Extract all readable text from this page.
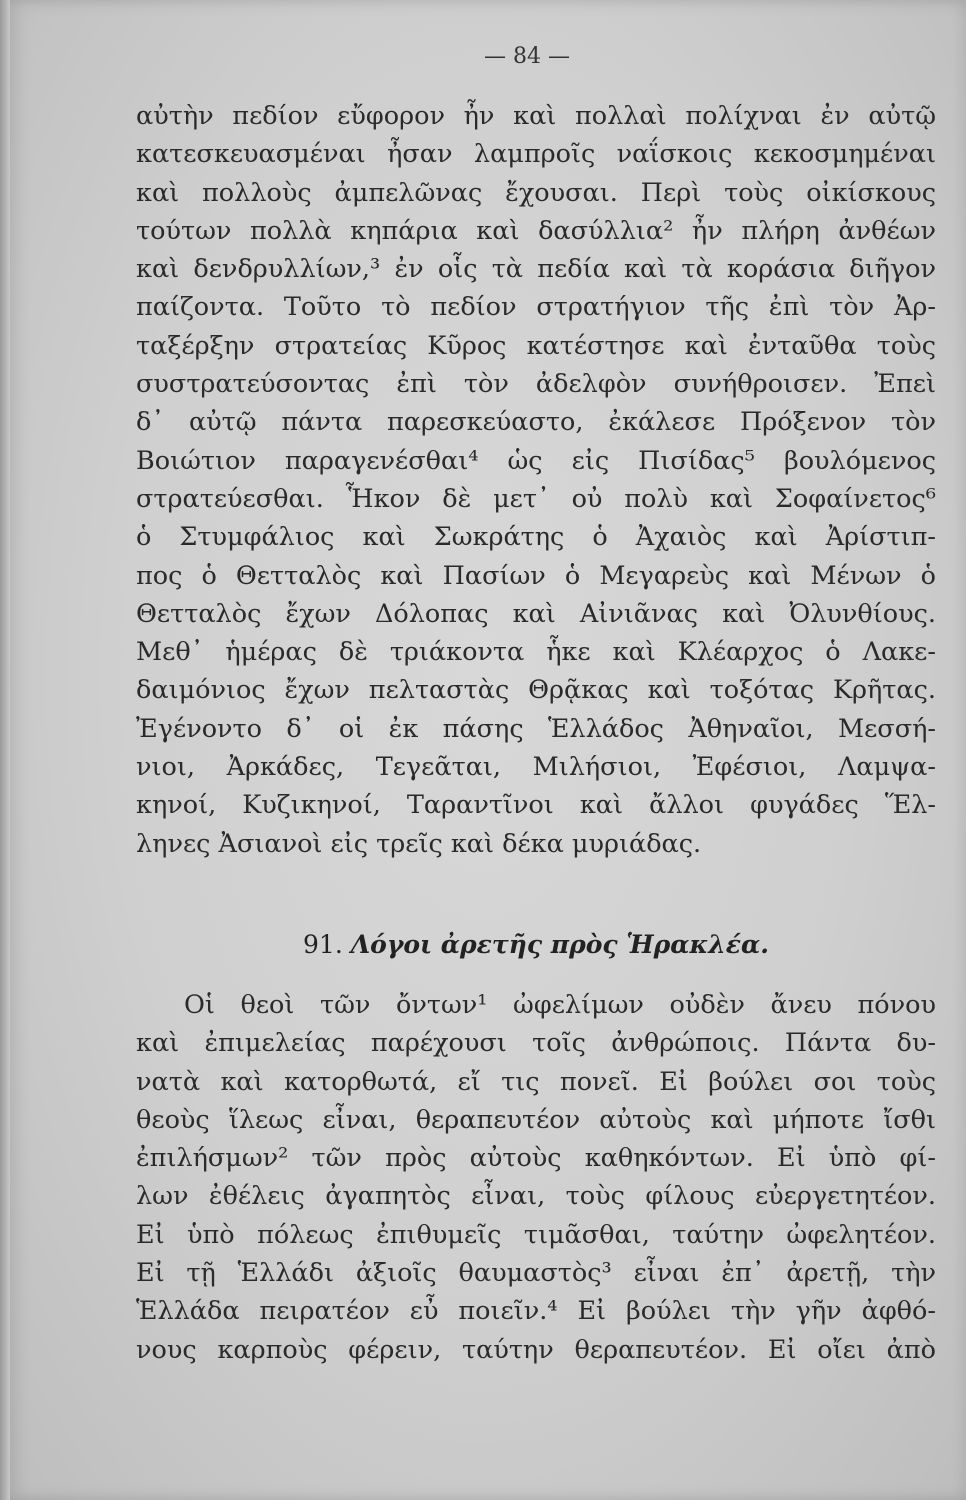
— 84 —
αὐτὴν πεδίον εὔφορον ἦν καὶ πολλαὶ πολίχναι ἐν αὐτῷ
κατεσκευασμέναι ἦσαν λαμπροῖς ναΐσκοις κεκοσμημέναι
καὶ πολλοὺς ἀμπελῶνας ἔχουσαι. Περὶ τοὺς οἰκίσκους
τούτων πολλὰ κηπάρια καὶ δασύλλια² ἦν πλήρη ἀνθέων
καὶ δενδρυλλίων,³ ἐν οἷς τὰ πεδία καὶ τὰ κοράσια διῆγον
παίζοντα. Τοῦτο τὸ πεδίον στρατήγιον τῆς ἐπὶ τὸν Ἀρ-
ταξέρξην στρατείας Κῦρος κατέστησε καὶ ἐνταῦθα τοὺς
συστρατεύσοντας ἐπὶ τὸν ἀδελφὸν συνήθροισεν. Ἐπεὶ
δ᾽ αὐτῷ πάντα παρεσκεύαστο, ἐκάλεσε Πρόξενον τὸν
Βοιώτιον παραγενέσθαι⁴ ὡς εἰς Πισίδας⁵ βουλόμενος
στρατεύεσθαι. Ἧκον δὲ μετ᾽ οὐ πολὺ καὶ Σοφαίνετος⁶
ὁ Στυμφάλιος καὶ Σωκράτης ὁ Ἀχαιὸς καὶ Ἀρίστιπ-
πος ὁ Θετταλὸς καὶ Πασίων ὁ Μεγαρεὺς καὶ Μένων ὁ
Θετταλὸς ἔχων Δόλοπας καὶ Αἰνιᾶνας καὶ Ὀλυνθίους.
Μεθ᾽ ἡμέρας δὲ τριάκοντα ἧκε καὶ Κλέαρχος ὁ Λακε-
δαιμόνιος ἔχων πελταστὰς Θρᾷκας καὶ τοξότας Κρῆτας.
Ἐγένοντο δ᾽ οἱ ἐκ πάσης Ἑλλάδος Ἀθηναῖοι, Μεσσή-
νιοι, Ἀρκάδες, Τεγεᾶται, Μιλήσιοι, Ἐφέσιοι, Λαμψα-
κηνοί, Κυζικηνοί, Ταραντῖνοι καὶ ἄλλοι φυγάδες Ἕλ-
ληνες Ἀσιανοὶ εἰς τρεῖς καὶ δέκα μυριάδας.
91. Λόγοι ἀρετῆς πρὸς Ἡρακλέα.
Οἱ θεοὶ τῶν ὄντων¹ ὠφελίμων οὐδὲν ἄνευ πόνου
καὶ ἐπιμελείας παρέχουσι τοῖς ἀνθρώποις. Πάντα δυ-
νατὰ καὶ κατορθωτά, εἴ τις πονεῖ. Εἰ βούλει σοι τοὺς
θεοὺς ἵλεως εἶναι, θεραπευτέον αὐτοὺς καὶ μήποτε ἴσθι
ἐπιλήσμων² τῶν πρὸς αὐτοὺς καθηκόντων. Εἰ ὑπὸ φί-
λων ἐθέλεις ἀγαπητὸς εἶναι, τοὺς φίλους εὐεργετητέον.
Εἰ ὑπὸ πόλεως ἐπιθυμεῖς τιμᾶσθαι, ταύτην ὠφελητέον.
Εἰ τῇ Ἑλλάδι ἀξιοῖς θαυμαστὸς³ εἶναι ἐπ᾽ ἀρετῇ, τὴν
Ἑλλάδα πειρατέον εὖ ποιεῖν.⁴ Εἰ βούλει τὴν γῆν ἀφθό-
νους καρποὺς φέρειν, ταύτην θεραπευτέον. Εἰ οἴει ἀπὸ
